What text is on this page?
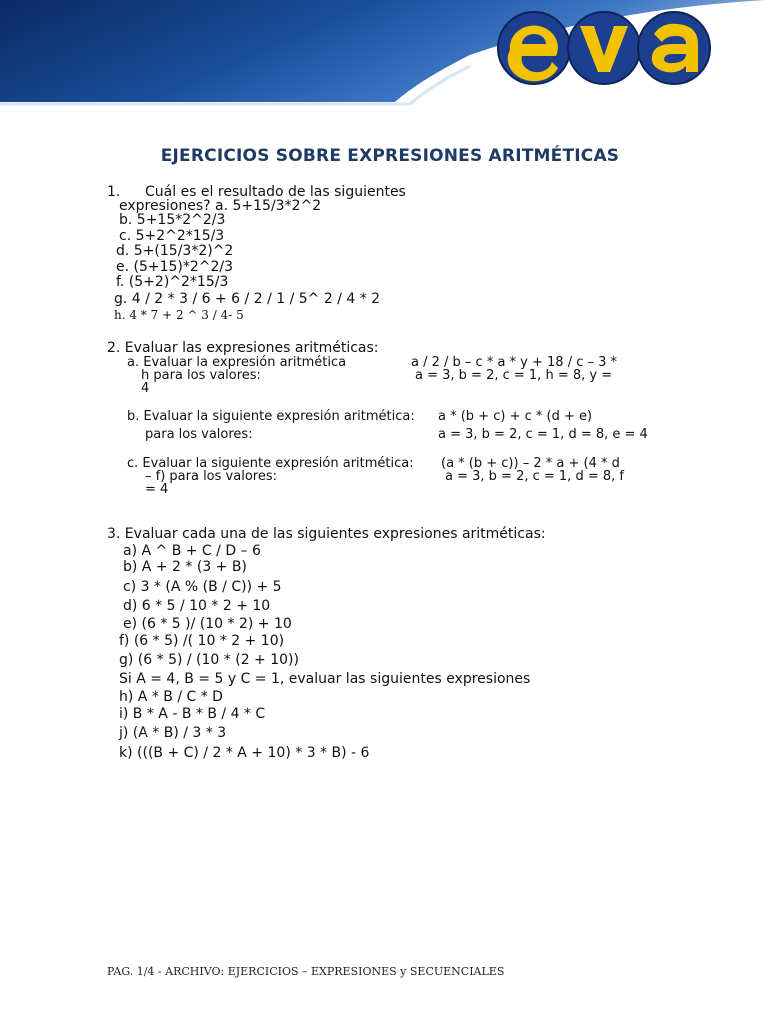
EJERCICIOS SOBRE EXPRESIONES ARITMÉTICAS
1. Cuál es el resultado de las siguientes
expresiones? a. 5+15/3*2^2
b. 5+15*2^2/3
c. 5+2^2*15/3
d. 5+(15/3*2)^2
e. (5+15)*2^2/3
f. (5+2)^2*15/3
g. 4 / 2 * 3 / 6 + 6 / 2 / 1 / 5^ 2 / 4 * 2
h. 4 * 7 + 2 ^ 3 / 4- 5
2. Evaluar las expresiones aritméticas:
a. Evaluar la expresión aritmética
h para los valores:
4
a / 2 / b – c * a * y + 18 / c – 3 *
a = 3, b = 2, c = 1, h = 8, y =
b. Evaluar la siguiente expresión aritmética:
para los valores:
a * (b + c) + c * (d + e)
a = 3, b = 2, c = 1, d = 8, e = 4
c. Evaluar la siguiente expresión aritmética:
– f) para los valores:
= 4
(a * (b + c)) – 2 * a + (4 * d
a = 3, b = 2, c = 1, d = 8, f
3. Evaluar cada una de las siguientes expresiones aritméticas:
a) A ^ B + C / D – 6
b) A + 2 * (3 + B)
c) 3 * (A % (B / C)) + 5
d) 6 * 5 / 10 * 2 + 10
e) (6 * 5 )/ (10 * 2) + 10
f) (6 * 5) /( 10 * 2 + 10)
g) (6 * 5) / (10 * (2 + 10))
Si A = 4, B = 5 y C = 1, evaluar las siguientes expresiones
h) A * B / C * D
i) B * A - B * B / 4 * C
j) (A * B) / 3 * 3
k) (((B + C) / 2 * A + 10) * 3 * B) - 6
PAG. 1/4 - ARCHIVO: EJERCICIOS – EXPRESIONES y SECUENCIALES
